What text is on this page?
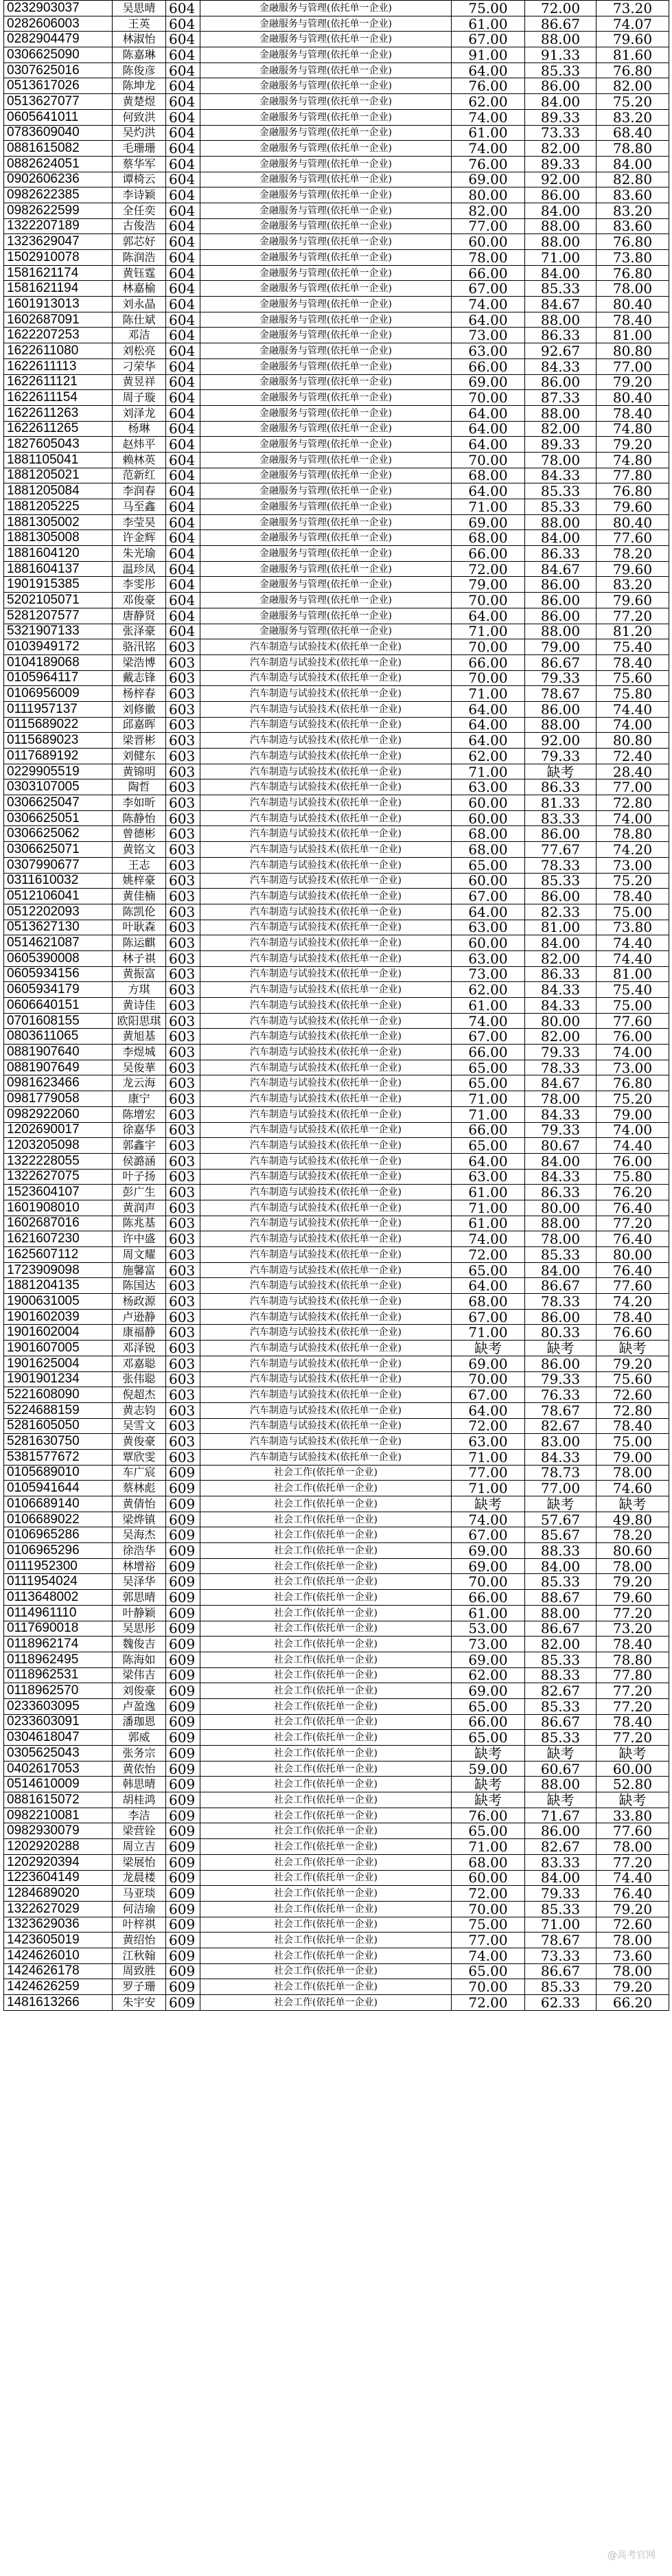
0232903037	吴思晴	604	金融服务与管理(依托单一企业)	75.00	72.00	73.20
0282606003	王英	604	金融服务与管理(依托单一企业)	61.00	86.67	74.07
0282904479	林淑怡	604	金融服务与管理(依托单一企业)	67.00	88.00	79.60
0306625090	陈嘉琳	604	金融服务与管理(依托单一企业)	91.00	91.33	81.60
0307625016	陈俊彦	604	金融服务与管理(依托单一企业)	64.00	85.33	76.80
0513617026	陈坤龙	604	金融服务与管理(依托单一企业)	76.00	86.00	82.00
0513627077	黄楚煜	604	金融服务与管理(依托单一企业)	62.00	84.00	75.20
0605641011	何致洪	604	金融服务与管理(依托单一企业)	74.00	89.33	83.20
0783609040	吴灼洪	604	金融服务与管理(依托单一企业)	61.00	73.33	68.40
0881615082	毛珊珊	604	金融服务与管理(依托单一企业)	74.00	82.00	78.80
0882624051	蔡华军	604	金融服务与管理(依托单一企业)	76.00	89.33	84.00
0902606236	谭椅云	604	金融服务与管理(依托单一企业)	69.00	92.00	82.80
0982622385	李诗颖	604	金融服务与管理(依托单一企业)	80.00	86.00	83.60
0982622599	全任奕	604	金融服务与管理(依托单一企业)	82.00	84.00	83.20
1322207189	古俊浩	604	金融服务与管理(依托单一企业)	77.00	88.00	83.60
1323629047	郭芯好	604	金融服务与管理(依托单一企业)	60.00	88.00	76.80
1502910078	陈润浩	604	金融服务与管理(依托单一企业)	78.00	71.00	73.80
1581621174	黄钰霆	604	金融服务与管理(依托单一企业)	66.00	84.00	76.80
1581621194	林嘉榆	604	金融服务与管理(依托单一企业)	67.00	85.33	78.00
1601913013	刘永晶	604	金融服务与管理(依托单一企业)	74.00	84.67	80.40
1602687091	陈仕斌	604	金融服务与管理(依托单一企业)	64.00	88.00	78.40
1622207253	邓洁	604	金融服务与管理(依托单一企业)	73.00	86.33	81.00
1622611080	刘松亮	604	金融服务与管理(依托单一企业)	63.00	92.67	80.80
1622611113	刁荣华	604	金融服务与管理(依托单一企业)	66.00	84.33	77.00
1622611121	黄昱祥	604	金融服务与管理(依托单一企业)	69.00	86.00	79.20
1622611154	周子璇	604	金融服务与管理(依托单一企业)	70.00	87.33	80.40
1622611263	刘泽龙	604	金融服务与管理(依托单一企业)	64.00	88.00	78.40
1622611265	杨琳	604	金融服务与管理(依托单一企业)	64.00	82.00	74.80
1827605043	赵炜平	604	金融服务与管理(依托单一企业)	64.00	89.33	79.20
1881105041	赖林英	604	金融服务与管理(依托单一企业)	70.00	78.00	74.80
1881205021	范新红	604	金融服务与管理(依托单一企业)	68.00	84.33	77.80
1881205084	李润春	604	金融服务与管理(依托单一企业)	64.00	85.33	76.80
1881205225	马至鑫	604	金融服务与管理(依托单一企业)	71.00	85.33	79.60
1881305002	李莹昊	604	金融服务与管理(依托单一企业)	69.00	88.00	80.40
1881305008	许金辉	604	金融服务与管理(依托单一企业)	68.00	84.00	77.60
1881604120	朱光瑜	604	金融服务与管理(依托单一企业)	66.00	86.33	78.20
1881604137	温珍凤	604	金融服务与管理(依托单一企业)	72.00	84.67	79.60
1901915385	李雯彤	604	金融服务与管理(依托单一企业)	79.00	86.00	83.20
5202105071	邓俊豪	604	金融服务与管理(依托单一企业)	70.00	86.00	79.60
5281207577	唐静贤	604	金融服务与管理(依托单一企业)	64.00	86.00	77.20
5321907133	张泽豪	604	金融服务与管理(依托单一企业)	71.00	88.00	81.20
0103949172	骆汛铭	603	汽车制造与试验技术(依托单一企业)	70.00	79.00	75.40
0104189068	梁浩博	603	汽车制造与试验技术(依托单一企业)	66.00	86.67	78.40
0105964117	戴志锋	603	汽车制造与试验技术(依托单一企业)	70.00	79.33	75.60
0106956009	杨梓春	603	汽车制造与试验技术(依托单一企业)	71.00	78.67	75.80
0111957137	刘修徽	603	汽车制造与试验技术(依托单一企业)	64.00	86.00	74.40
0115689022	邱嘉晖	603	汽车制造与试验技术(依托单一企业)	64.00	88.00	74.00
0115689023	梁晋彬	603	汽车制造与试验技术(依托单一企业)	64.00	92.00	80.80
0117689192	刘健东	603	汽车制造与试验技术(依托单一企业)	62.00	79.33	72.40
0229905519	黄锦明	603	汽车制造与试验技术(依托单一企业)	71.00	缺考	28.40
0303107005	陶哲	603	汽车制造与试验技术(依托单一企业)	63.00	86.33	77.00
0306625047	李如昕	603	汽车制造与试验技术(依托单一企业)	60.00	81.33	72.80
0306625051	陈静怡	603	汽车制造与试验技术(依托单一企业)	60.00	83.33	74.00
0306625062	曾德彬	603	汽车制造与试验技术(依托单一企业)	68.00	86.00	78.80
0306625071	黄铭文	603	汽车制造与试验技术(依托单一企业)	68.00	77.67	74.20
0307990677	王志	603	汽车制造与试验技术(依托单一企业)	65.00	78.33	73.00
0311610032	姚梓豪	603	汽车制造与试验技术(依托单一企业)	60.00	85.33	75.20
0512106041	黄佳楠	603	汽车制造与试验技术(依托单一企业)	67.00	86.00	78.40
0512202093	陈凯伦	603	汽车制造与试验技术(依托单一企业)	64.00	82.33	75.00
0513627130	叶耿森	603	汽车制造与试验技术(依托单一企业)	63.00	81.00	73.80
0514621087	陈运麒	603	汽车制造与试验技术(依托单一企业)	60.00	84.00	74.40
0605390008	林子祺	603	汽车制造与试验技术(依托单一企业)	63.00	82.00	74.40
0605934156	黄振富	603	汽车制造与试验技术(依托单一企业)	73.00	86.33	81.00
0605934179	方琪	603	汽车制造与试验技术(依托单一企业)	62.00	84.33	75.40
0606640151	黄诗佳	603	汽车制造与试验技术(依托单一企业)	61.00	84.33	75.00
0701608155	欧阳思琪	603	汽车制造与试验技术(依托单一企业)	74.00	80.00	77.60
0803611065	黄旭基	603	汽车制造与试验技术(依托单一企业)	67.00	82.00	76.00
0881907640	李煜城	603	汽车制造与试验技术(依托单一企业)	66.00	79.33	74.00
0881907649	吴俊華	603	汽车制造与试验技术(依托单一企业)	65.00	78.33	73.00
0981623466	龙云海	603	汽车制造与试验技术(依托单一企业)	65.00	84.67	76.80
0981779058	康宁	603	汽车制造与试验技术(依托单一企业)	71.00	78.00	75.20
0982922060	陈增宏	603	汽车制造与试验技术(依托单一企业)	71.00	84.33	79.00
1202690017	徐嘉华	603	汽车制造与试验技术(依托单一企业)	66.00	79.33	74.00
1203205098	郭鑫宇	603	汽车制造与试验技术(依托单一企业)	65.00	80.67	74.40
1322228055	侯潞涵	603	汽车制造与试验技术(依托单一企业)	64.00	84.00	76.00
1322627075	叶子扬	603	汽车制造与试验技术(依托单一企业)	63.00	84.33	75.80
1523604107	彭广生	603	汽车制造与试验技术(依托单一企业)	61.00	86.33	76.20
1601908010	黄润声	603	汽车制造与试验技术(依托单一企业)	71.00	80.00	76.40
1602687016	陈兆基	603	汽车制造与试验技术(依托单一企业)	61.00	88.00	77.20
1621607230	许中盛	603	汽车制造与试验技术(依托单一企业)	74.00	78.00	76.40
1625607112	周文耀	603	汽车制造与试验技术(依托单一企业)	72.00	85.33	80.00
1723909098	施馨富	603	汽车制造与试验技术(依托单一企业)	65.00	84.00	76.40
1881204135	陈国达	603	汽车制造与试验技术(依托单一企业)	64.00	86.67	77.60
1900631005	杨政源	603	汽车制造与试验技术(依托单一企业)	68.00	78.33	74.20
1901602039	卢逊静	603	汽车制造与试验技术(依托单一企业)	67.00	86.00	78.40
1901602004	康福静	603	汽车制造与试验技术(依托单一企业)	71.00	80.33	76.60
1901607005	邓泽锐	603	汽车制造与试验技术(依托单一企业)	缺考	缺考	缺考
1901625004	邓嘉聪	603	汽车制造与试验技术(依托单一企业)	69.00	86.00	79.20
1901901234	张伟聪	603	汽车制造与试验技术(依托单一企业)	70.00	79.33	75.60
5221608090	倪超杰	603	汽车制造与试验技术(依托单一企业)	67.00	76.33	72.60
5224688159	黄志钧	603	汽车制造与试验技术(依托单一企业)	64.00	78.67	72.80
5281605050	吴雪文	603	汽车制造与试验技术(依托单一企业)	72.00	82.67	78.40
5281630750	黄俊豪	603	汽车制造与试验技术(依托单一企业)	63.00	83.00	75.00
5381577672	覃欣雯	603	汽车制造与试验技术(依托单一企业)	71.00	84.33	79.00
0105689010	车广宸	609	社会工作(依托单一企业)	77.00	78.73	78.00
0105941644	蔡林彪	609	社会工作(依托单一企业)	71.00	77.00	74.60
0106689140	黄倩怡	609	社会工作(依托单一企业)	缺考	缺考	缺考
0106689022	梁烨镇	609	社会工作(依托单一企业)	74.00	57.67	49.80
0106965286	吴海杰	609	社会工作(依托单一企业)	67.00	85.67	78.20
0106965296	徐浩华	609	社会工作(依托单一企业)	69.00	88.33	80.60
0111952300	林增裕	609	社会工作(依托单一企业)	69.00	84.00	78.00
0111954024	吴泽华	609	社会工作(依托单一企业)	70.00	85.33	79.20
0113648002	郭思晴	609	社会工作(依托单一企业)	66.00	88.67	79.60
0114961110	叶静颖	609	社会工作(依托单一企业)	61.00	88.00	77.20
0117690018	吴思彤	609	社会工作(依托单一企业)	53.00	86.67	73.20
0118962174	魏俊吉	609	社会工作(依托单一企业)	73.00	82.00	78.40
0118962495	陈海如	609	社会工作(依托单一企业)	69.00	85.33	78.80
0118962531	梁伟吉	609	社会工作(依托单一企业)	62.00	88.33	77.80
0118962570	刘俊豪	609	社会工作(依托单一企业)	69.00	82.67	77.20
0233603095	卢盈逸	609	社会工作(依托单一企业)	65.00	85.33	77.20
0233603091	潘珈恩	609	社会工作(依托单一企业)	66.00	86.67	78.40
0304618047	郭威	609	社会工作(依托单一企业)	65.00	85.33	77.20
0305625043	张务宗	609	社会工作(依托单一企业)	缺考	缺考	缺考
0402617053	黄依怡	609	社会工作(依托单一企业)	59.00	60.67	60.00
0514610009	韩思晴	609	社会工作(依托单一企业)	缺考	88.00	52.80
0881615072	胡桂鸿	609	社会工作(依托单一企业)	缺考	缺考	缺考
0982210081	李洁	609	社会工作(依托单一企业)	76.00	71.67	33.80
0982930079	梁营铨	609	社会工作(依托单一企业)	65.00	86.00	77.60
1202920288	周立吉	609	社会工作(依托单一企业)	71.00	82.67	78.00
1202920394	梁展怡	609	社会工作(依托单一企业)	68.00	83.33	77.20
1223604149	龙晨楼	609	社会工作(依托单一企业)	60.00	84.00	74.40
1284689020	马亚琰	609	社会工作(依托单一企业)	72.00	79.33	76.40
1322627029	何洁瑜	609	社会工作(依托单一企业)	70.00	85.33	79.20
1323629036	叶梓祺	609	社会工作(依托单一企业)	75.00	71.00	72.60
1423605019	黄绍怡	609	社会工作(依托单一企业)	77.00	78.67	78.00
1424626010	江秋翰	609	社会工作(依托单一企业)	74.00	73.33	73.60
1424626178	周致胜	609	社会工作(依托单一企业)	65.00	86.67	78.00
1424626259	罗子珊	609	社会工作(依托单一企业)	70.00	85.33	79.20
1481613266	朱宇安	609	社会工作(依托单一企业)	72.00	62.33	66.20
@高考官网
